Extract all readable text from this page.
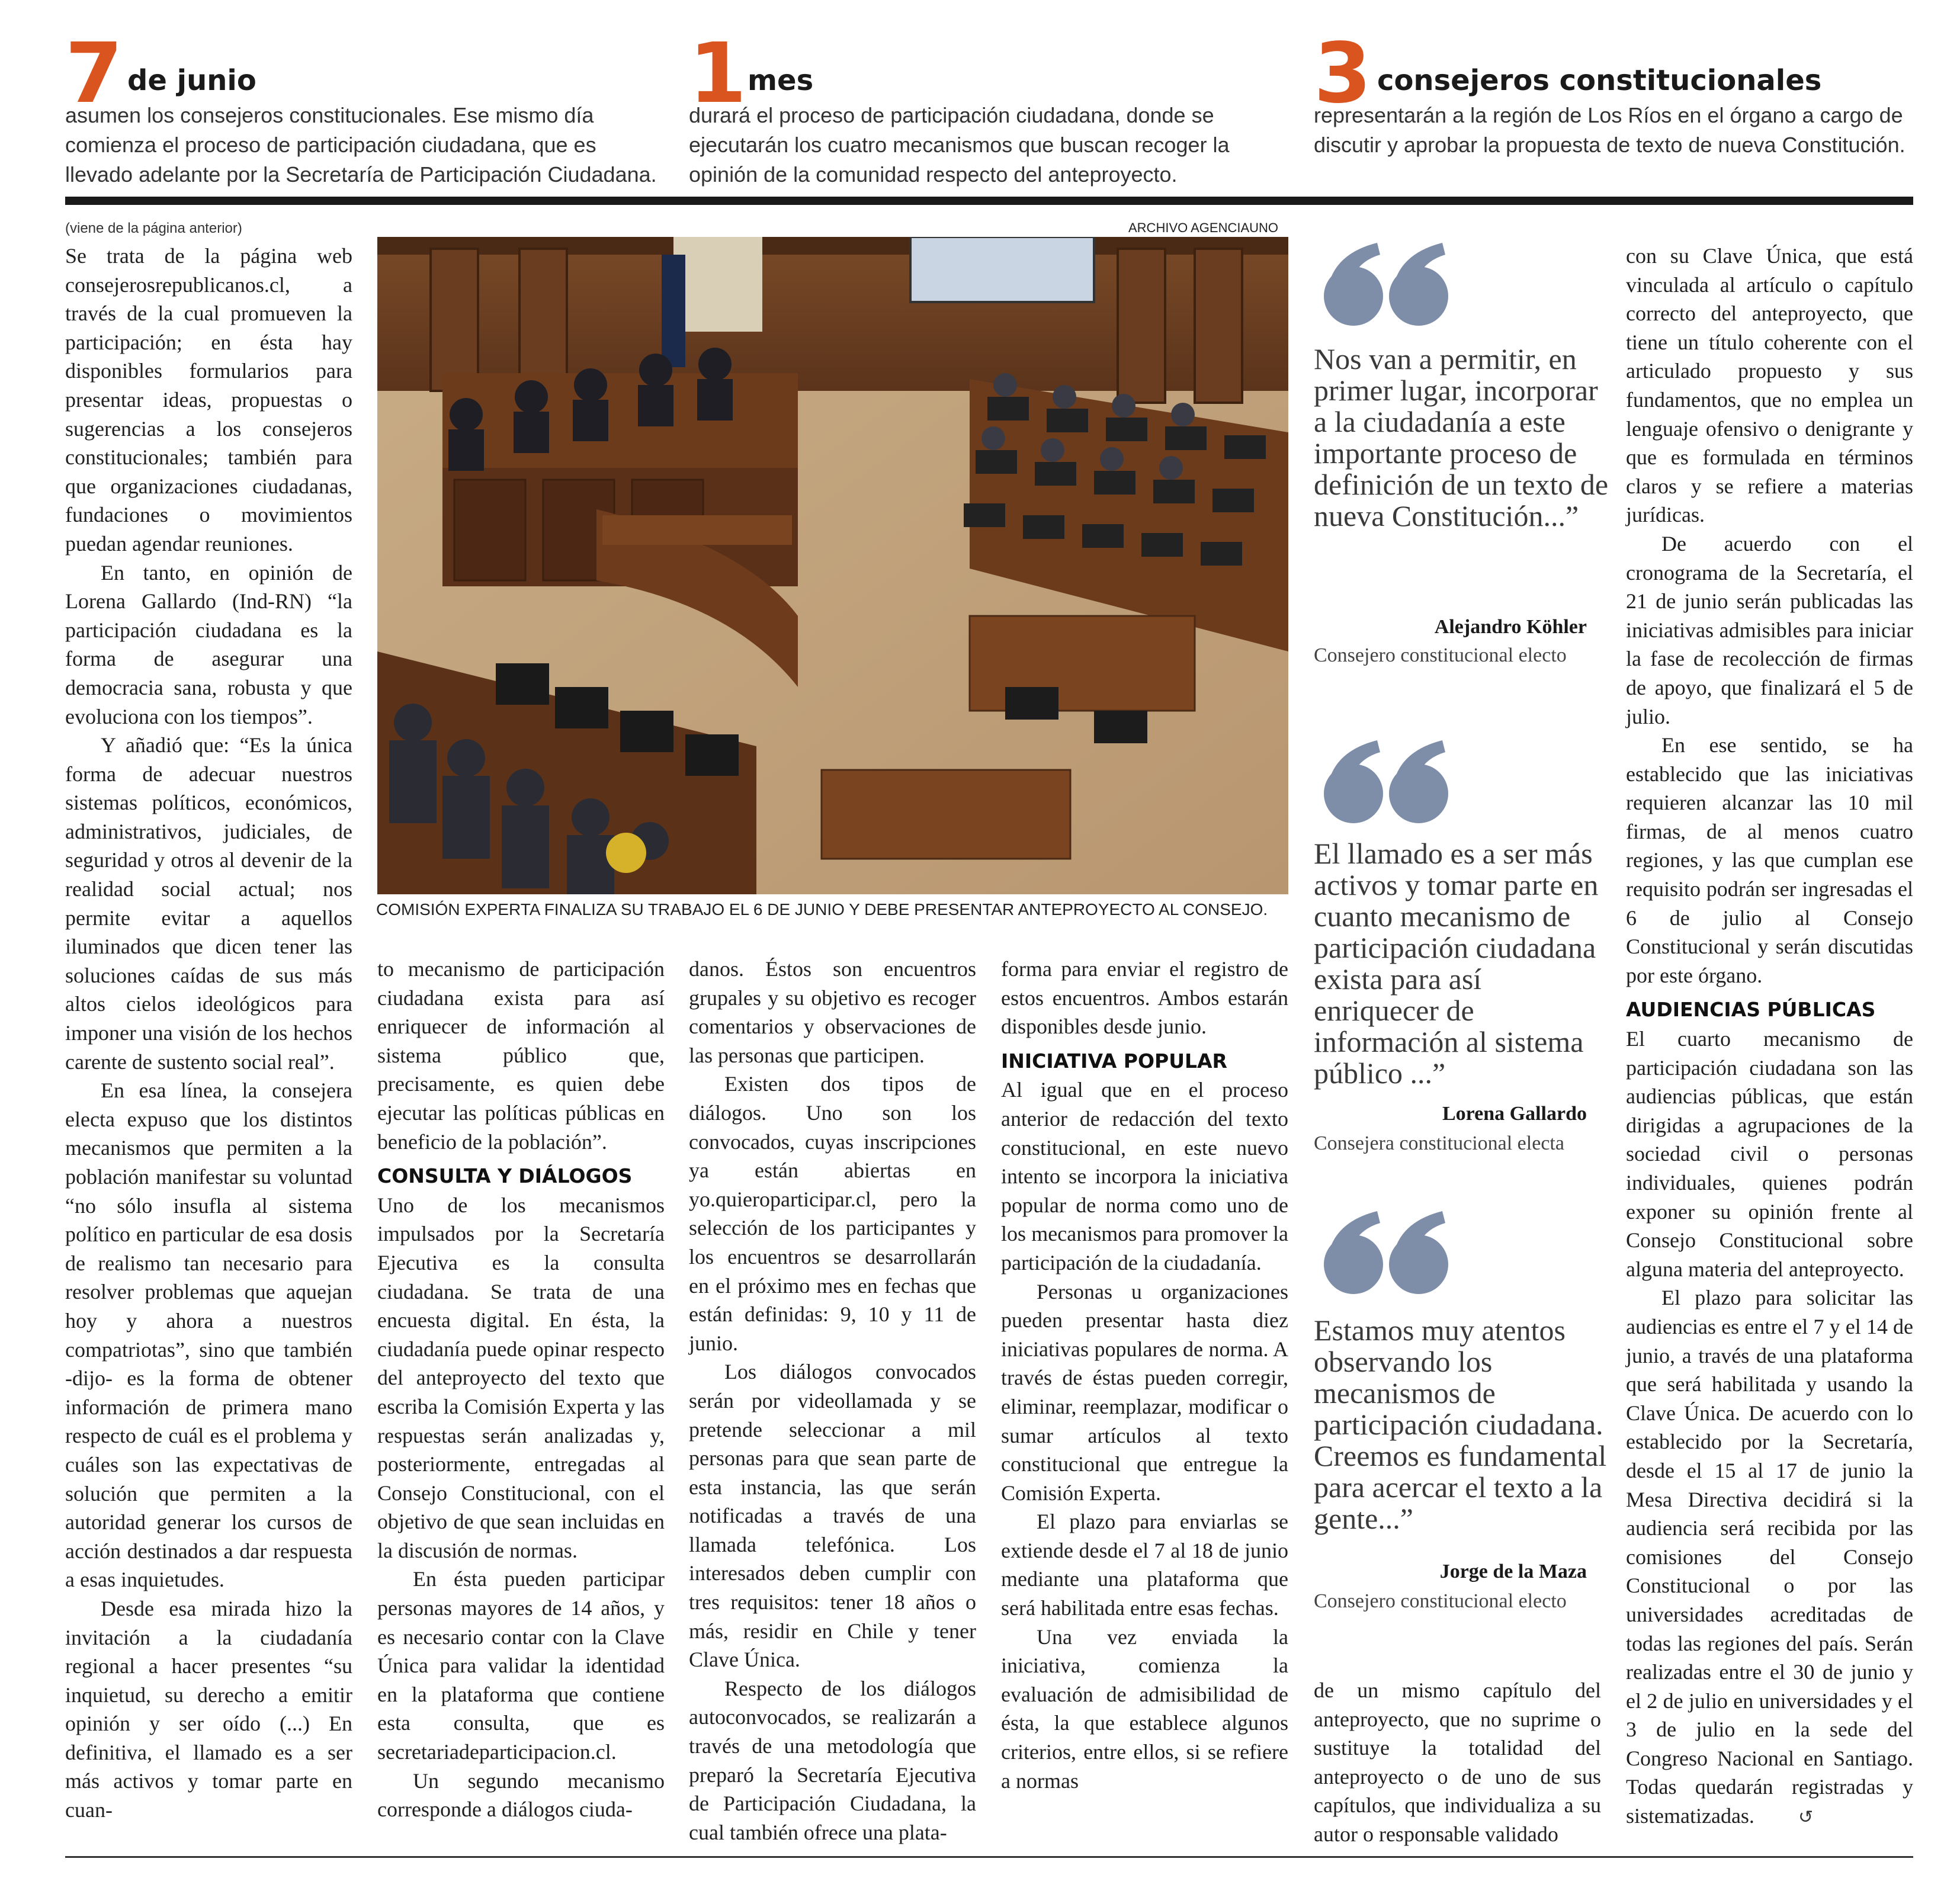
7 de junio
asumen los consejeros constitucionales. Ese mismo día comienza el proceso de participación ciudadana, que es llevado adelante por la Secretaría de Participación Ciudadana.
1 mes
durará el proceso de participación ciudadana, donde se ejecutarán los cuatro mecanismos que buscan recoger la opinión de la comunidad respecto del anteproyecto.
3 consejeros constitucionales
representarán a la región de Los Ríos en el órgano a cargo de discutir y aprobar la propuesta de texto de nueva Constitución.
(viene de la página anterior)	ARCHIVO AGENCIAUNO
COMISIÓN EXPERTA FINALIZA SU TRABAJO EL 6 DE JUNIO Y DEBE PRESENTAR ANTEPROYECTO AL CONSEJO.

Se trata de la página web consejerosrepublicanos.cl, a través de la cual promueven la participación; en ésta hay disponibles formularios para presentar ideas, propuestas o sugerencias a los consejeros constitucionales; también para que organizaciones ciudadanas, fundaciones o movimientos puedan agendar reuniones.

En tanto, en opinión de Lorena Gallardo (Ind-RN) “la participación ciudadana es la forma de asegurar una democracia sana, robusta y que evoluciona con los tiempos”.

Y añadió que: “Es la única forma de adecuar nuestros sistemas políticos, económicos, administrativos, judiciales, de seguridad y otros al devenir de la realidad social actual; nos permite evitar a aquellos iluminados que dicen tener las soluciones caídas de sus más altos cielos ideológicos para imponer una visión de los hechos carente de sustento social real”.

En esa línea, la consejera electa expuso que los distintos mecanismos que permiten a la población manifestar su voluntad “no sólo insufla al sistema político en particular de esa dosis de realismo tan necesario para resolver problemas que aquejan hoy y ahora a nuestros compatriotas”, sino que también -dijo- es la forma de obtener información de primera mano respecto de cuál es el problema y cuáles son las expectativas de solución que permiten a la autoridad generar los cursos de acción destinados a dar respuesta a esas inquietudes.

Desde esa mirada hizo la invitación a la ciudadanía regional a hacer presentes “su inquietud, su derecho a emitir opinión y ser oído (...) En definitiva, el llamado es a ser más activos y tomar parte en cuan-

to mecanismo de participación ciudadana exista para así enriquecer de información al sistema público que, precisamente, es quien debe ejecutar las políticas públicas en beneficio de la población”.

CONSULTA Y DIÁLOGOS

Uno de los mecanismos impulsados por la Secretaría Ejecutiva es la consulta ciudadana. Se trata de una encuesta digital. En ésta, la ciudadanía puede opinar respecto del anteproyecto del texto que escriba la Comisión Experta y las respuestas serán analizadas y, posteriormente, entregadas al Consejo Constitucional, con el objetivo de que sean incluidas en la discusión de normas.

En ésta pueden participar personas mayores de 14 años, y es necesario contar con la Clave Única para validar la identidad en la plataforma que contiene esta consulta, que es secretariadeparticipacion.cl.

Un segundo mecanismo corresponde a diálogos ciuda-

danos. Éstos son encuentros grupales y su objetivo es recoger comentarios y observaciones de las personas que participen.

Existen dos tipos de diálogos. Uno son los convocados, cuyas inscripciones ya están abiertas en yo.quieroparticipar.cl, pero la selección de los participantes y los encuentros se desarrollarán en el próximo mes en fechas que están definidas: 9, 10 y 11 de junio.

Los diálogos convocados serán por videollamada y se pretende seleccionar a mil personas para que sean parte de esta instancia, las que serán notificadas a través de una llamada telefónica. Los interesados deben cumplir con tres requisitos: tener 18 años o más, residir en Chile y tener Clave Única.

Respecto de los diálogos autoconvocados, se realizarán a través de una metodología que preparó la Secretaría Ejecutiva de Participación Ciudadana, la cual también ofrece una plata-

forma para enviar el registro de estos encuentros. Ambos estarán disponibles desde junio.

INICIATIVA POPULAR

Al igual que en el proceso anterior de redacción del texto constitucional, en este nuevo intento se incorpora la iniciativa popular de norma como uno de los mecanismos para promover la participación de la ciudadanía.

Personas u organizaciones pueden presentar hasta diez iniciativas populares de norma. A través de éstas pueden corregir, eliminar, reemplazar, modificar o sumar artículos al texto constitucional que entregue la Comisión Experta.

El plazo para enviarlas se extiende desde el 7 al 18 de junio mediante una plataforma que será habilitada entre esas fechas.

Una vez enviada la iniciativa, comienza la evaluación de admisibilidad de ésta, la que establece algunos criterios, entre ellos, si se refiere a normas

Nos van a permitir, en primer lugar, incorporar a la ciudadanía a este importante proceso de definición de un texto de nueva Constitución...”
Alejandro Köhler
Consejero constitucional electo
El llamado es a ser más activos y tomar parte en cuanto mecanismo de participación ciudadana exista para así enriquecer de información al sistema público ...”
Lorena Gallardo
Consejera constitucional electa
Estamos muy atentos observando los mecanismos de participación ciudadana. Creemos es fundamental para acercar el texto a la gente...”
Jorge de la Maza
Consejero constitucional electo

de un mismo capítulo del anteproyecto, que no suprime o sustituye la totalidad del anteproyecto o de uno de sus capítulos, que individualiza a su autor o responsable validado

con su Clave Única, que está vinculada al artículo o capítulo correcto del anteproyecto, que tiene un título coherente con el articulado propuesto y sus fundamentos, que no emplea un lenguaje ofensivo o denigrante y que es formulada en términos claros y se refiere a materias jurídicas.

De acuerdo con el cronograma de la Secretaría, el 21 de junio serán publicadas las iniciativas admisibles para iniciar la fase de recolección de firmas de apoyo, que finalizará el 5 de julio.

En ese sentido, se ha establecido que las iniciativas requieren alcanzar las 10 mil firmas, de al menos cuatro regiones, y las que cumplan ese requisito podrán ser ingresadas el 6 de julio al Consejo Constitucional y serán discutidas por este órgano.

AUDIENCIAS PÚBLICAS

El cuarto mecanismo de participación ciudadana son las audiencias públicas, que están dirigidas a agrupaciones de la sociedad civil o personas individuales, quienes podrán exponer su opinión frente al Consejo Constitucional sobre alguna materia del anteproyecto.

El plazo para solicitar las audiencias es entre el 7 y el 14 de junio, a través de una plataforma que será habilitada y usando la Clave Única. De acuerdo con lo establecido por la Secretaría, desde el 15 al 17 de junio la Mesa Directiva decidirá si la audiencia será recibida por las comisiones del Consejo Constitucional o por las universidades acreditadas de todas las regiones del país. Serán realizadas entre el 30 de junio y el 2 de julio en universidades y el 3 de julio en la sede del Congreso Nacional en Santiago. Todas quedarán registradas y sistematizadas. ↺
